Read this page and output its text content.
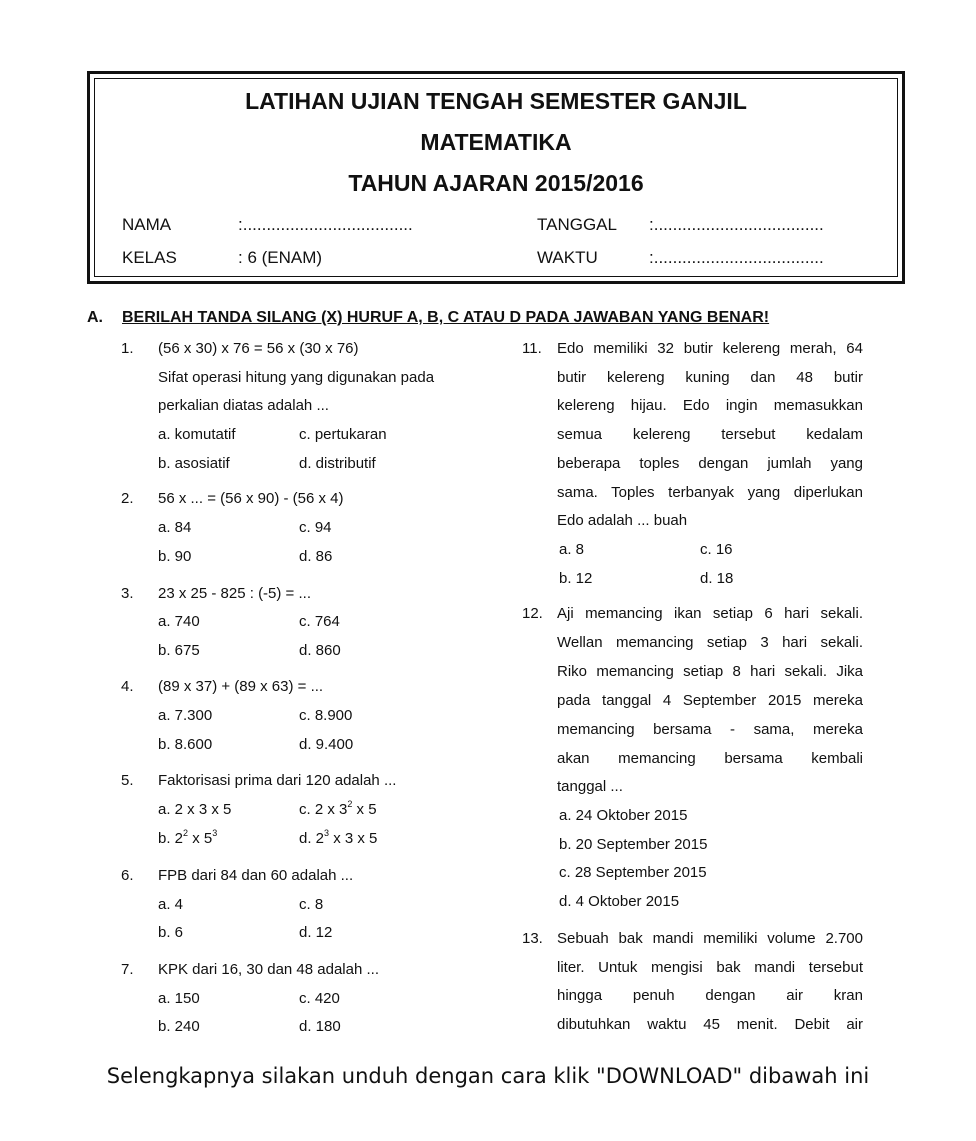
LATIHAN UJIAN TENGAH SEMESTER GANJIL
MATEMATIKA
TAHUN AJARAN 2015/2016
NAMA	:....................................	TANGGAL :....................................
KELAS	: 6 (ENAM)	WAKTU	:....................................
A. BERILAH TANDA SILANG (X) HURUF A, B, C ATAU D PADA JAWABAN YANG BENAR!
1. (56 x 30) x 76 = 56 x (30 x 76)
Sifat operasi hitung yang digunakan pada
perkalian diatas adalah ...
a. komutatif	c. pertukaran
b. asosiatif	d. distributif
2. 56 x ... = (56 x 90) - (56 x 4)
a. 84	c. 94
b. 90	d. 86
3. 23 x 25 - 825 : (-5) = ...
a. 740	c. 764
b. 675	d. 860
4. (89 x 37) + (89 x 63) = ...
a. 7.300	c. 8.900
b. 8.600	d. 9.400
5. Faktorisasi prima dari 120 adalah ...
a. 2 x 3 x 5	c. 2 x $3^2$ x 5
b. $2^2$ x $5^3$	d. $2^3$ x 3 x 5
6. FPB dari 84 dan 60 adalah ...
a. 4	c. 8
b. 6	d. 12
7. KPK dari 16, 30 dan 48 adalah ...
a. 150	c. 420
b. 240	d. 180
11. Edo memiliki 32 butir kelereng merah, 64
butir kelereng kuning dan 48 butir
kelereng hijau. Edo ingin memasukkan
semua kelereng tersebut kedalam
beberapa toples dengan jumlah yang
sama. Toples terbanyak yang diperlukan
Edo adalah ... buah
a. 8	c. 16
b. 12	d. 18
12. Aji memancing ikan setiap 6 hari sekali.
Wellan memancing setiap 3 hari sekali.
Riko memancing setiap 8 hari sekali. Jika
pada tanggal 4 September 2015 mereka
memancing bersama - sama, mereka
akan memancing bersama kembali
tanggal ...
a. 24 Oktober 2015
b. 20 September 2015
c. 28 September 2015
d. 4 Oktober 2015
13. Sebuah bak mandi memiliki volume 2.700
liter. Untuk mengisi bak mandi tersebut
hingga penuh dengan air kran
dibutuhkan waktu 45 menit. Debit air
Selengkapnya silakan unduh dengan cara klik "DOWNLOAD" dibawah ini
